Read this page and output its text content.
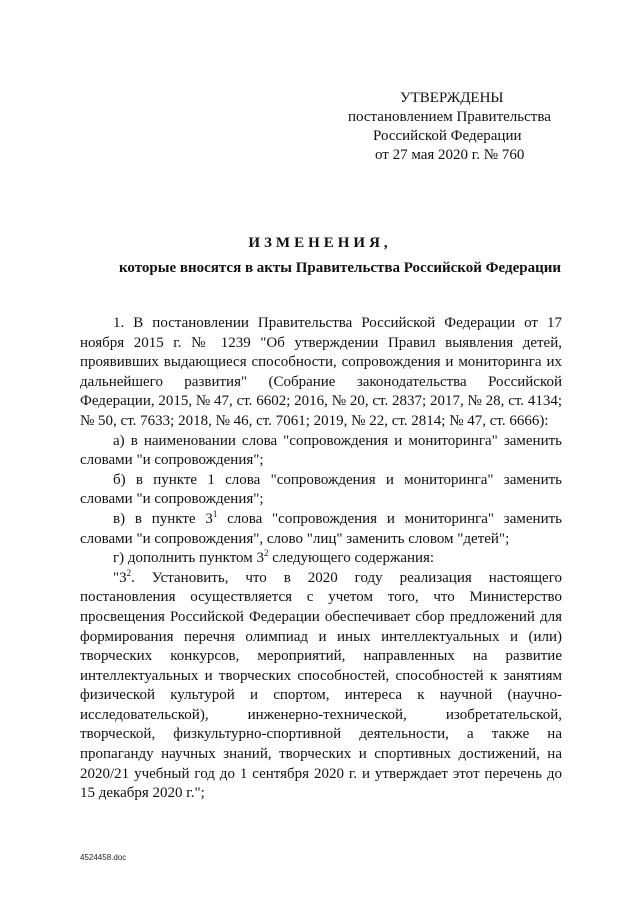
УТВЕРЖДЕНЫ
постановлением Правительства
Российской Федерации
от 27 мая 2020 г. № 760
ИЗМЕНЕНИЯ,
которые вносятся в акты Правительства Российской Федерации

1. В постановлении Правительства Российской Федерации от 17 ноября 2015 г. № 1239 "Об утверждении Правил выявления детей, проявивших выдающиеся способности, сопровождения и мониторинга их дальнейшего развития" (Собрание законодательства Российской Федерации, 2015, № 47, ст. 6602; 2016, № 20, ст. 2837; 2017, № 28, ст. 4134; № 50, ст. 7633; 2018, № 46, ст. 7061; 2019, № 22, ст. 2814; № 47, ст. 6666):

а) в наименовании слова "сопровождения и мониторинга" заменить словами "и сопровождения";

б) в пункте 1 слова "сопровождения и мониторинга" заменить словами "и сопровождения";

в) в пункте $3^1$ слова "сопровождения и мониторинга" заменить словами "и сопровождения", слово "лиц" заменить словом "детей";

г) дополнить пунктом $3^2$ следующего содержания:

"$3^2$. Установить, что в 2020 году реализация настоящего постановления осуществляется с учетом того, что Министерство просвещения Российской Федерации обеспечивает сбор предложений для формирования перечня олимпиад и иных интеллектуальных и (или) творческих конкурсов, мероприятий, направленных на развитие интеллектуальных и творческих способностей, способностей к занятиям физической культурой и спортом, интереса к научной (научно-исследовательской), инженерно-технической, изобретательской, творческой, физкультурно-спортивной деятельности, а также на пропаганду научных знаний, творческих и спортивных достижений, на 2020/21 учебный год до 1 сентября 2020 г. и утверждает этот перечень до 15 декабря 2020 г.";

4524458.doc
